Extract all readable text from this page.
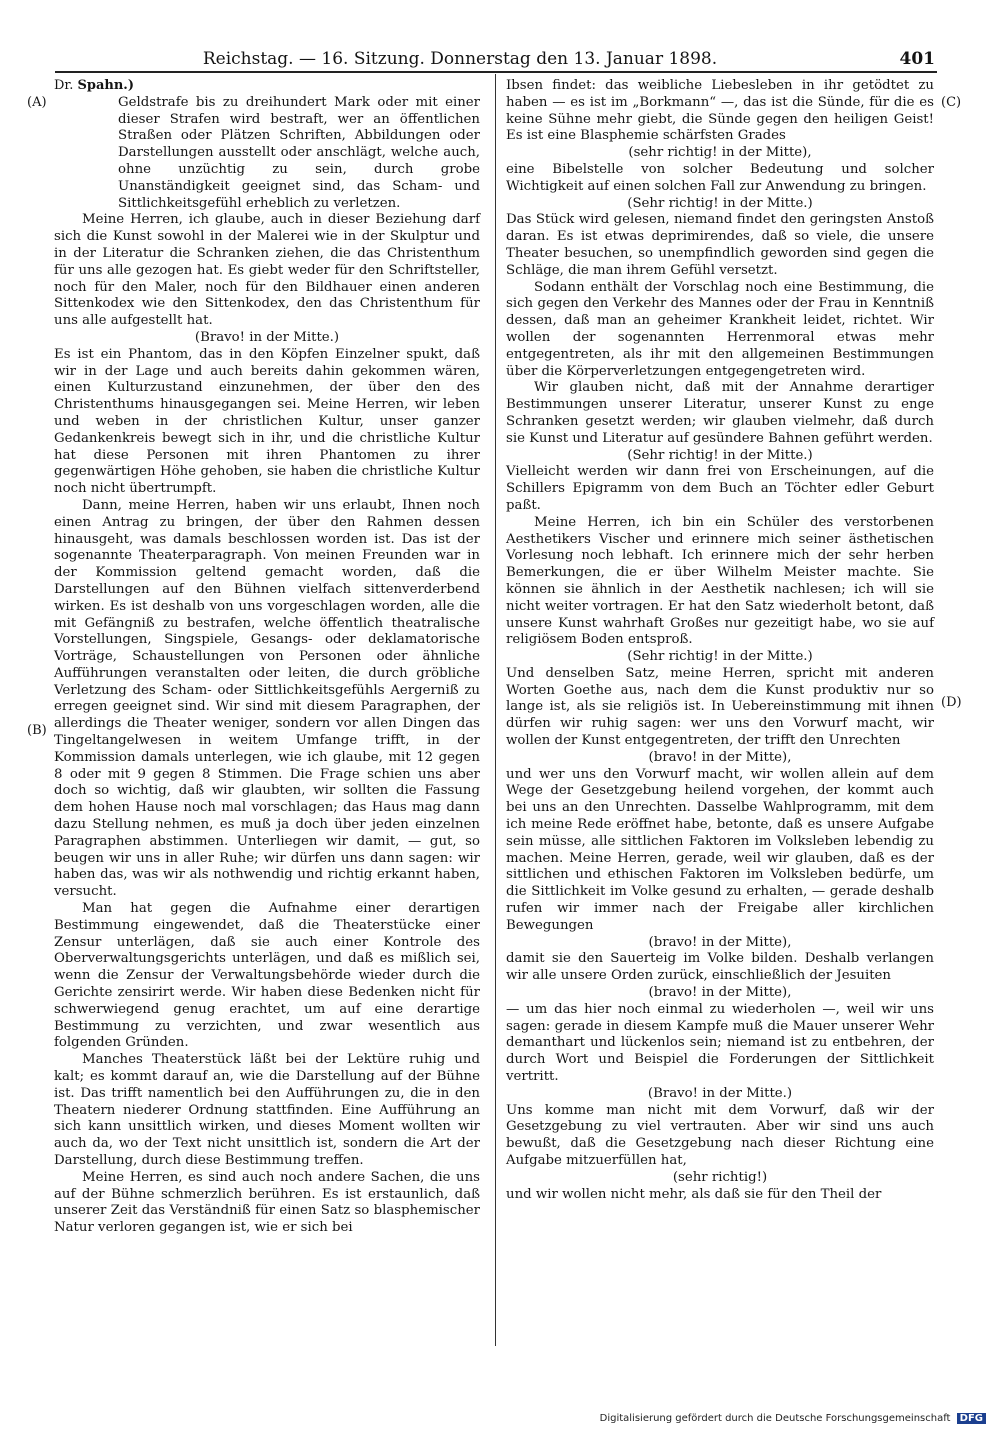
Reichstag. — 16. Sitzung. Donnerstag den 13. Januar 1898.	401
(A)
(B)
(C)
(D)

Dr. Spahn.)

Geldstrafe bis zu dreihundert Mark oder mit einer dieser Strafen wird bestraft, wer an öffentlichen Straßen oder Plätzen Schriften, Abbildungen oder Darstellungen ausstellt oder anschlägt, welche auch, ohne unzüchtig zu sein, durch grobe Unanständigkeit geeignet sind, das Scham- und Sittlichkeitsgefühl erheblich zu verletzen.

Meine Herren, ich glaube, auch in dieser Beziehung darf sich die Kunst sowohl in der Malerei wie in der Skulptur und in der Literatur die Schranken ziehen, die das Christenthum für uns alle gezogen hat. Es giebt weder für den Schriftsteller, noch für den Maler, noch für den Bildhauer einen anderen Sittenkodex wie den Sittenkodex, den das Christenthum für uns alle aufgestellt hat.

(Bravo! in der Mitte.)

Es ist ein Phantom, das in den Köpfen Einzelner spukt, daß wir in der Lage und auch bereits dahin gekommen wären, einen Kulturzustand einzunehmen, der über den des Christenthums hinausgegangen sei. Meine Herren, wir leben und weben in der christlichen Kultur, unser ganzer Gedankenkreis bewegt sich in ihr, und die christliche Kultur hat diese Personen mit ihren Phantomen zu ihrer gegenwärtigen Höhe gehoben, sie haben die christliche Kultur noch nicht übertrumpft.

Dann, meine Herren, haben wir uns erlaubt, Ihnen noch einen Antrag zu bringen, der über den Rahmen dessen hinausgeht, was damals beschlossen worden ist. Das ist der sogenannte Theaterparagraph. Von meinen Freunden war in der Kommission geltend gemacht worden, daß die Darstellungen auf den Bühnen vielfach sittenverderbend wirken. Es ist deshalb von uns vorgeschlagen worden, alle die mit Gefängniß zu bestrafen, welche öffentlich theatralische Vorstellungen, Singspiele, Gesangs- oder deklamatorische Vorträge, Schaustellungen von Personen oder ähnliche Aufführungen veranstalten oder leiten, die durch gröbliche Verletzung des Scham- oder Sittlichkeitsgefühls Aergerniß zu erregen geeignet sind. Wir sind mit diesem Paragraphen, der allerdings die Theater weniger, sondern vor allen Dingen das Tingeltangelwesen in weitem Umfange trifft, in der Kommission damals unterlegen, wie ich glaube, mit 12 gegen 8 oder mit 9 gegen 8 Stimmen. Die Frage schien uns aber doch so wichtig, daß wir glaubten, wir sollten die Fassung dem hohen Hause noch mal vorschlagen; das Haus mag dann dazu Stellung nehmen, es muß ja doch über jeden einzelnen Paragraphen abstimmen. Unterliegen wir damit, — gut, so beugen wir uns in aller Ruhe; wir dürfen uns dann sagen: wir haben das, was wir als nothwendig und richtig erkannt haben, versucht.

Man hat gegen die Aufnahme einer derartigen Bestimmung eingewendet, daß die Theaterstücke einer Zensur unterlägen, daß sie auch einer Kontrole des Oberverwaltungsgerichts unterlägen, und daß es mißlich sei, wenn die Zensur der Verwaltungsbehörde wieder durch die Gerichte zensirirt werde. Wir haben diese Bedenken nicht für schwerwiegend genug erachtet, um auf eine derartige Bestimmung zu verzichten, und zwar wesentlich aus folgenden Gründen.

Manches Theaterstück läßt bei der Lektüre ruhig und kalt; es kommt darauf an, wie die Darstellung auf der Bühne ist. Das trifft namentlich bei den Aufführungen zu, die in den Theatern niederer Ordnung stattfinden. Eine Aufführung an sich kann unsittlich wirken, und dieses Moment wollten wir auch da, wo der Text nicht unsittlich ist, sondern die Art der Darstellung, durch diese Bestimmung treffen.

Meine Herren, es sind auch noch andere Sachen, die uns auf der Bühne schmerzlich berühren. Es ist erstaunlich, daß unserer Zeit das Verständniß für einen Satz so blasphemischer Natur verloren gegangen ist, wie er sich bei

Ibsen findet: das weibliche Liebesleben in ihr getödtet zu haben — es ist im „Borkmann“ —, das ist die Sünde, für die es keine Sühne mehr giebt, die Sünde gegen den heiligen Geist! Es ist eine Blasphemie schärfsten Grades

(sehr richtig! in der Mitte),

eine Bibelstelle von solcher Bedeutung und solcher Wichtigkeit auf einen solchen Fall zur Anwendung zu bringen.

(Sehr richtig! in der Mitte.)

Das Stück wird gelesen, niemand findet den geringsten Anstoß daran. Es ist etwas deprimirendes, daß so viele, die unsere Theater besuchen, so unempfindlich geworden sind gegen die Schläge, die man ihrem Gefühl versetzt.

Sodann enthält der Vorschlag noch eine Bestimmung, die sich gegen den Verkehr des Mannes oder der Frau in Kenntniß dessen, daß man an geheimer Krankheit leidet, richtet. Wir wollen der sogenannten Herrenmoral etwas mehr entgegentreten, als ihr mit den allgemeinen Bestimmungen über die Körperverletzungen entgegengetreten wird.

Wir glauben nicht, daß mit der Annahme derartiger Bestimmungen unserer Literatur, unserer Kunst zu enge Schranken gesetzt werden; wir glauben vielmehr, daß durch sie Kunst und Literatur auf gesündere Bahnen geführt werden.

(Sehr richtig! in der Mitte.)

Vielleicht werden wir dann frei von Erscheinungen, auf die Schillers Epigramm von dem Buch an Töchter edler Geburt paßt.

Meine Herren, ich bin ein Schüler des verstorbenen Aesthetikers Vischer und erinnere mich seiner ästhetischen Vorlesung noch lebhaft. Ich erinnere mich der sehr herben Bemerkungen, die er über Wilhelm Meister machte. Sie können sie ähnlich in der Aesthetik nachlesen; ich will sie nicht weiter vortragen. Er hat den Satz wiederholt betont, daß unsere Kunst wahrhaft Großes nur gezeitigt habe, wo sie auf religiösem Boden entsproß.

(Sehr richtig! in der Mitte.)

Und denselben Satz, meine Herren, spricht mit anderen Worten Goethe aus, nach dem die Kunst produktiv nur so lange ist, als sie religiös ist. In Uebereinstimmung mit ihnen dürfen wir ruhig sagen: wer uns den Vorwurf macht, wir wollen der Kunst entgegentreten, der trifft den Unrechten

(bravo! in der Mitte),

und wer uns den Vorwurf macht, wir wollen allein auf dem Wege der Gesetzgebung heilend vorgehen, der kommt auch bei uns an den Unrechten. Dasselbe Wahlprogramm, mit dem ich meine Rede eröffnet habe, betonte, daß es unsere Aufgabe sein müsse, alle sittlichen Faktoren im Volksleben lebendig zu machen. Meine Herren, gerade, weil wir glauben, daß es der sittlichen und ethischen Faktoren im Volksleben bedürfe, um die Sittlichkeit im Volke gesund zu erhalten, — gerade deshalb rufen wir immer nach der Freigabe aller kirchlichen Bewegungen

(bravo! in der Mitte),

damit sie den Sauerteig im Volke bilden. Deshalb verlangen wir alle unsere Orden zurück, einschließlich der Jesuiten

(bravo! in der Mitte),

— um das hier noch einmal zu wiederholen —, weil wir uns sagen: gerade in diesem Kampfe muß die Mauer unserer Wehr demanthart und lückenlos sein; niemand ist zu entbehren, der durch Wort und Beispiel die Forderungen der Sittlichkeit vertritt.

(Bravo! in der Mitte.)

Uns komme man nicht mit dem Vorwurf, daß wir der Gesetzgebung zu viel vertrauten. Aber wir sind uns auch bewußt, daß die Gesetzgebung nach dieser Richtung eine Aufgabe mitzuerfüllen hat,

(sehr richtig!)

und wir wollen nicht mehr, als daß sie für den Theil der

Digitalisierung gefördert durch die Deutsche Forschungsgemeinschaft DFG
